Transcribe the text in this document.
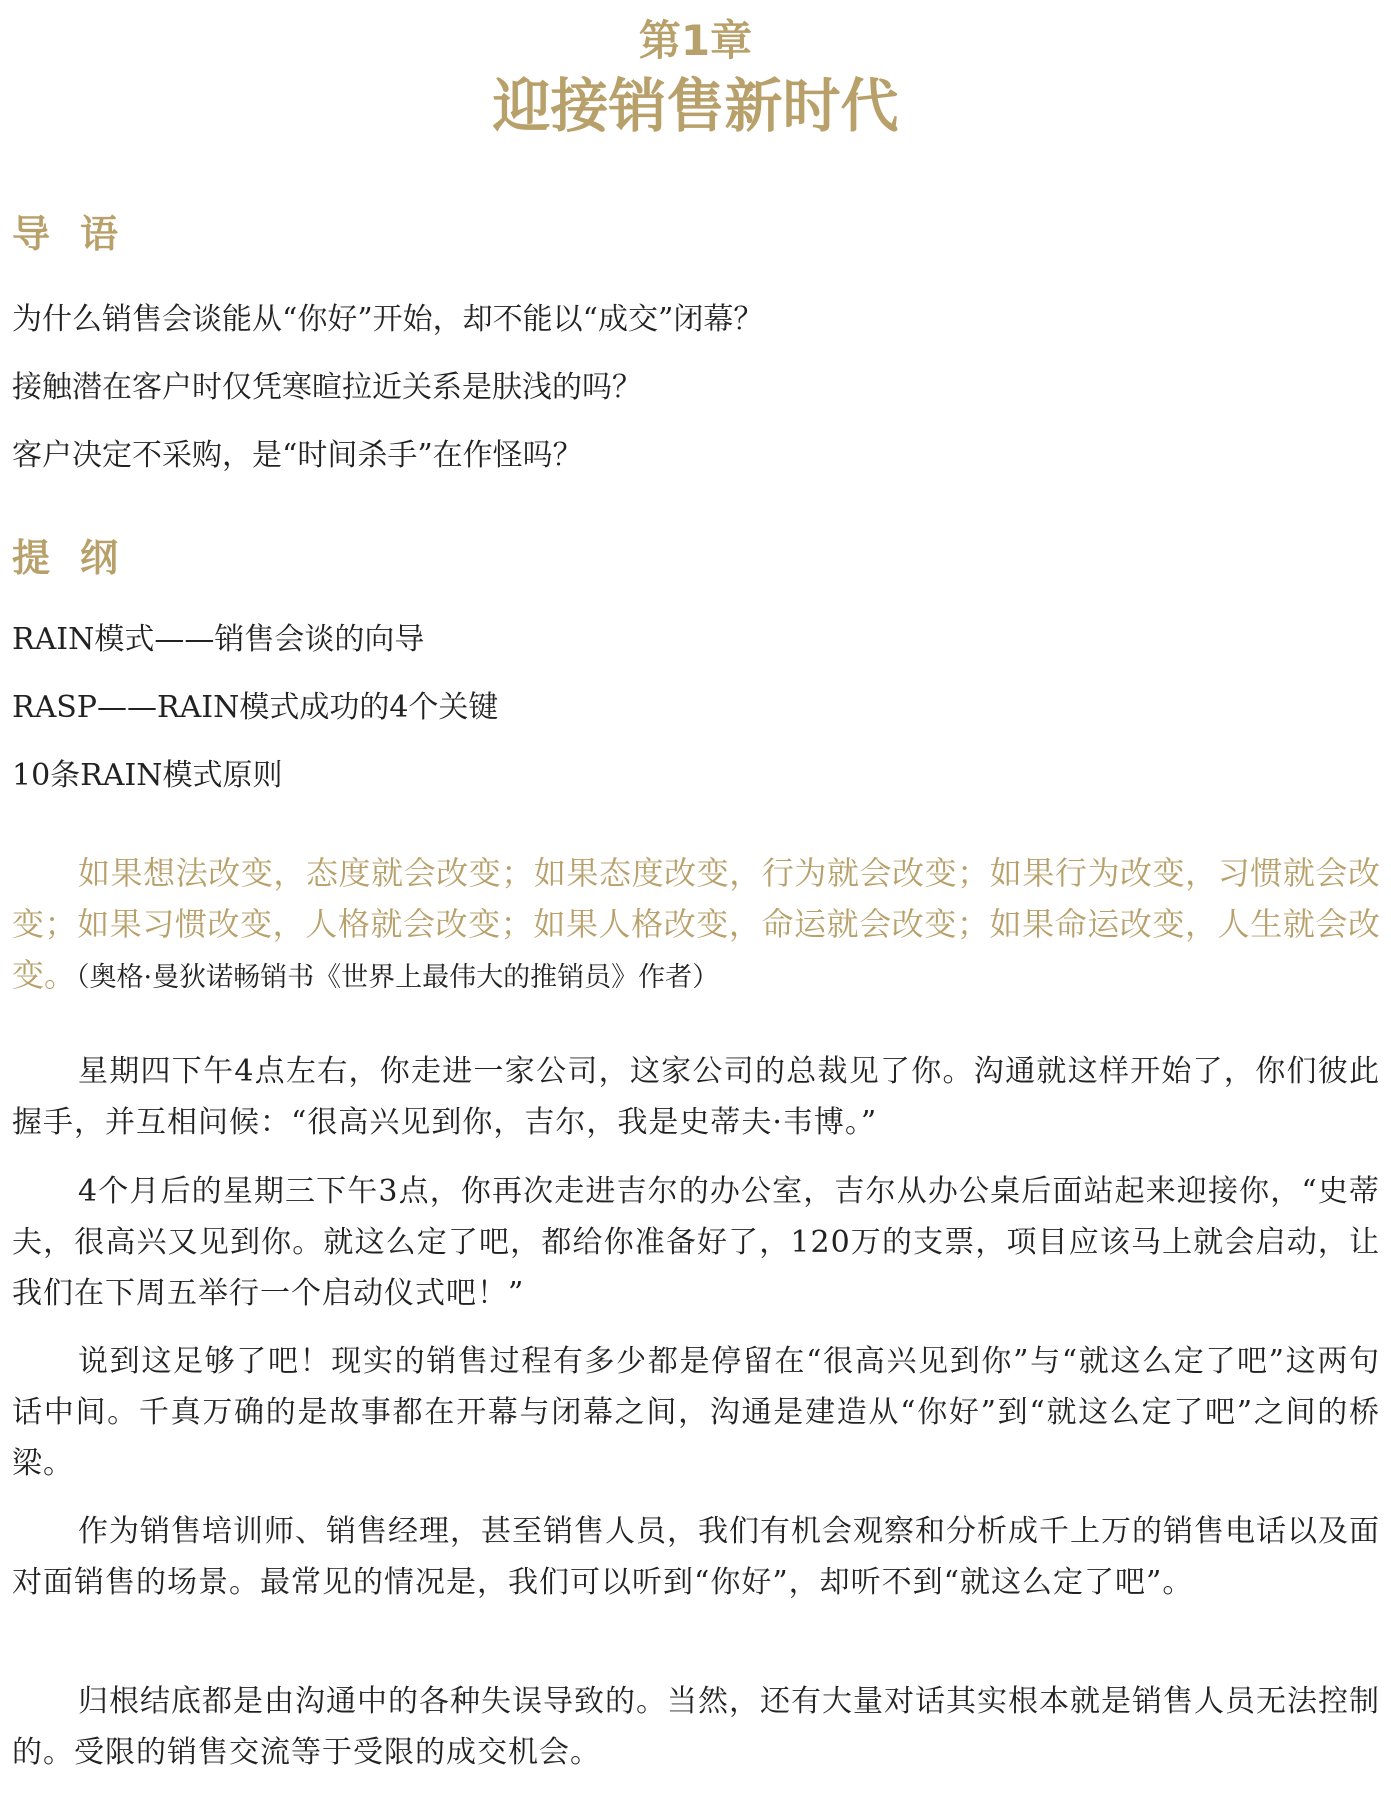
第1章
迎接销售新时代
导语
为什么销售会谈能从“你好”开始，却不能以“成交”闭幕？
接触潜在客户时仅凭寒暄拉近关系是肤浅的吗？
客户决定不采购，是“时间杀手”在作怪吗？
提纲
RAIN模式——销售会谈的向导
RASP——RAIN模式成功的4个关键
10条RAIN模式原则
如果想法改变，态度就会改变；如果态度改变，行为就会改变；如果行为改变，习惯就会改变；如果习惯改变，人格就会改变；如果人格改变，命运就会改变；如果命运改变，人生就会改变。（奥格·曼狄诺畅销书《世界上最伟大的推销员》作者）
星期四下午4点左右，你走进一家公司，这家公司的总裁见了你。沟通就这样开始了，你们彼此握手，并互相问候：“很高兴见到你，吉尔，我是史蒂夫·韦博。”
4个月后的星期三下午3点，你再次走进吉尔的办公室，吉尔从办公桌后面站起来迎接你，“史蒂夫，很高兴又见到你。就这么定了吧，都给你准备好了，120万的支票，项目应该马上就会启动，让我们在下周五举行一个启动仪式吧！”
说到这足够了吧！现实的销售过程有多少都是停留在“很高兴见到你”与“就这么定了吧”这两句话中间。千真万确的是故事都在开幕与闭幕之间，沟通是建造从“你好”到“就这么定了吧”之间的桥梁。
作为销售培训师、销售经理，甚至销售人员，我们有机会观察和分析成千上万的销售电话以及面对面销售的场景。最常见的情况是，我们可以听到“你好”，却听不到“就这么定了吧”。
归根结底都是由沟通中的各种失误导致的。当然，还有大量对话其实根本就是销售人员无法控制的。受限的销售交流等于受限的成交机会。
